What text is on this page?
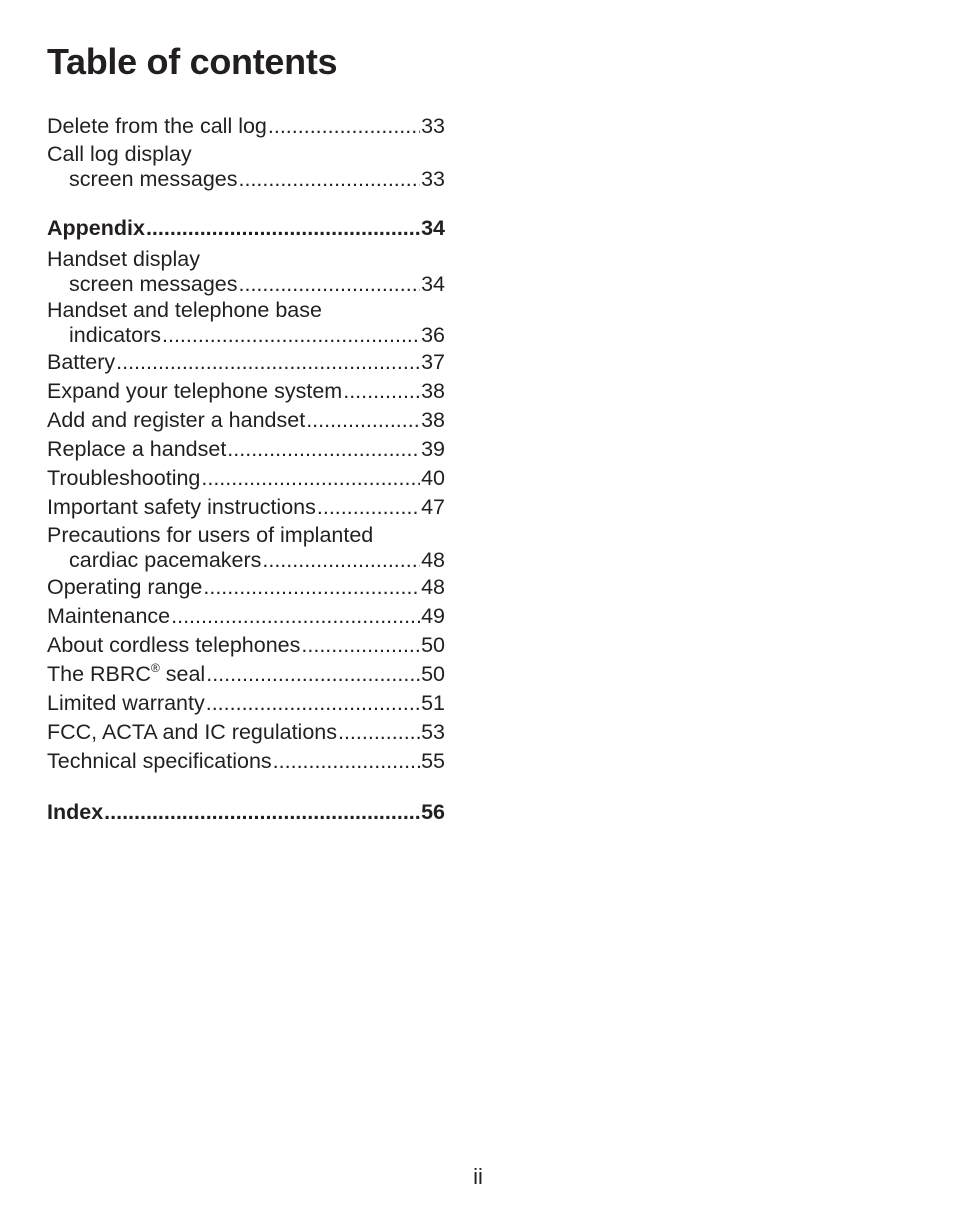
Table of contents
Delete from the call log .....	33
Call log display
screen messages .....	33
Appendix .....	34
Handset display
screen messages .....	34
Handset and telephone base
indicators .....	36
Battery .....	37
Expand your telephone system .....	38
Add and register a handset .....	38
Replace a handset .....	39
Troubleshooting .....	40
Important safety instructions .....	47
Precautions for users of implanted
cardiac pacemakers .....	48
Operating range .....	48
Maintenance .....	49
About cordless telephones .....	50
The RBRC® seal .....	50
Limited warranty .....	51
FCC, ACTA and IC regulations .....	53
Technical specifications .....	55
Index .....	56
ii
